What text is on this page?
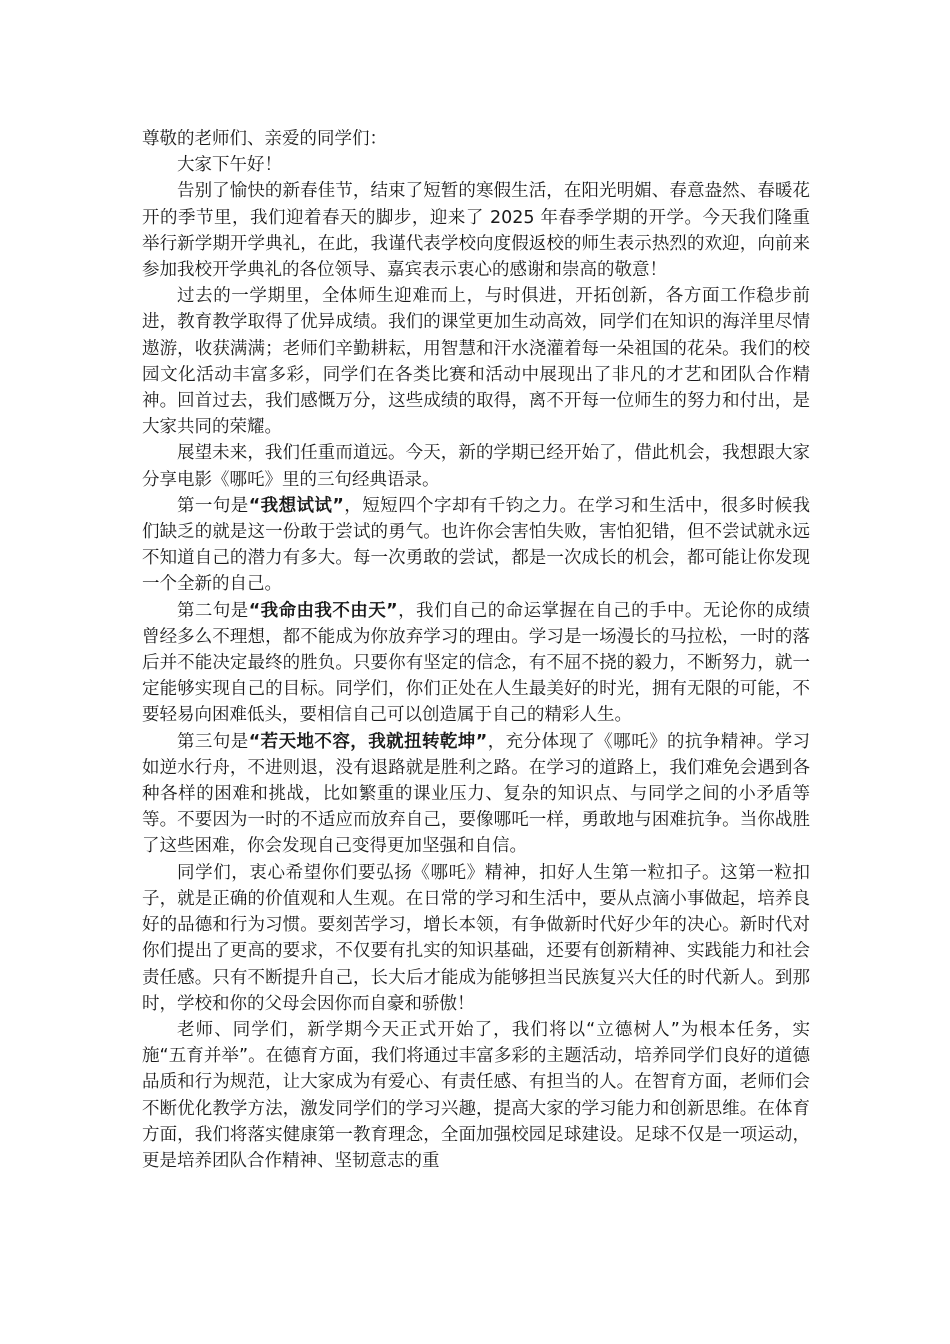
尊敬的老师们、亲爱的同学们：

大家下午好！

告别了愉快的新春佳节，结束了短暂的寒假生活，在阳光明媚、春意盎然、春暖花开的季节里，我们迎着春天的脚步，迎来了 2025 年春季学期的开学。今天我们隆重举行新学期开学典礼，在此，我谨代表学校向度假返校的师生表示热烈的欢迎，向前来参加我校开学典礼的各位领导、嘉宾表示衷心的感谢和崇高的敬意！

过去的一学期里，全体师生迎难而上，与时俱进，开拓创新，各方面工作稳步前进，教育教学取得了优异成绩。我们的课堂更加生动高效，同学们在知识的海洋里尽情遨游，收获满满；老师们辛勤耕耘，用智慧和汗水浇灌着每一朵祖国的花朵。我们的校园文化活动丰富多彩，同学们在各类比赛和活动中展现出了非凡的才艺和团队合作精神。回首过去，我们感慨万分，这些成绩的取得，离不开每一位师生的努力和付出，是大家共同的荣耀。

展望未来，我们任重而道远。今天，新的学期已经开始了，借此机会，我想跟大家分享电影《哪吒》里的三句经典语录。

第一句是“我想试试”，短短四个字却有千钧之力。在学习和生活中，很多时候我们缺乏的就是这一份敢于尝试的勇气。也许你会害怕失败，害怕犯错，但不尝试就永远不知道自己的潜力有多大。每一次勇敢的尝试，都是一次成长的机会，都可能让你发现一个全新的自己。

第二句是“我命由我不由天”，我们自己的命运掌握在自己的手中。无论你的成绩曾经多么不理想，都不能成为你放弃学习的理由。学习是一场漫长的马拉松，一时的落后并不能决定最终的胜负。只要你有坚定的信念，有不屈不挠的毅力，不断努力，就一定能够实现自己的目标。同学们，你们正处在人生最美好的时光，拥有无限的可能，不要轻易向困难低头，要相信自己可以创造属于自己的精彩人生。

第三句是“若天地不容，我就扭转乾坤”，充分体现了《哪吒》的抗争精神。学习如逆水行舟，不进则退，没有退路就是胜利之路。在学习的道路上，我们难免会遇到各种各样的困难和挑战，比如繁重的课业压力、复杂的知识点、与同学之间的小矛盾等等。不要因为一时的不适应而放弃自己，要像哪吒一样，勇敢地与困难抗争。当你战胜了这些困难，你会发现自己变得更加坚强和自信。

同学们，衷心希望你们要弘扬《哪吒》精神，扣好人生第一粒扣子。这第一粒扣子，就是正确的价值观和人生观。在日常的学习和生活中，要从点滴小事做起，培养良好的品德和行为习惯。要刻苦学习，增长本领，有争做新时代好少年的决心。新时代对你们提出了更高的要求，不仅要有扎实的知识基础，还要有创新精神、实践能力和社会责任感。只有不断提升自己，长大后才能成为能够担当民族复兴大任的时代新人。到那时，学校和你的父母会因你而自豪和骄傲！

老师、同学们，新学期今天正式开始了，我们将以“立德树人”为根本任务，实施“五育并举”。在德育方面，我们将通过丰富多彩的主题活动，培养同学们良好的道德品质和行为规范，让大家成为有爱心、有责任感、有担当的人。在智育方面，老师们会不断优化教学方法，激发同学们的学习兴趣，提高大家的学习能力和创新思维。在体育方面，我们将落实健康第一教育理念，全面加强校园足球建设。足球不仅是一项运动，更是培养团队合作精神、坚韧意志的重
